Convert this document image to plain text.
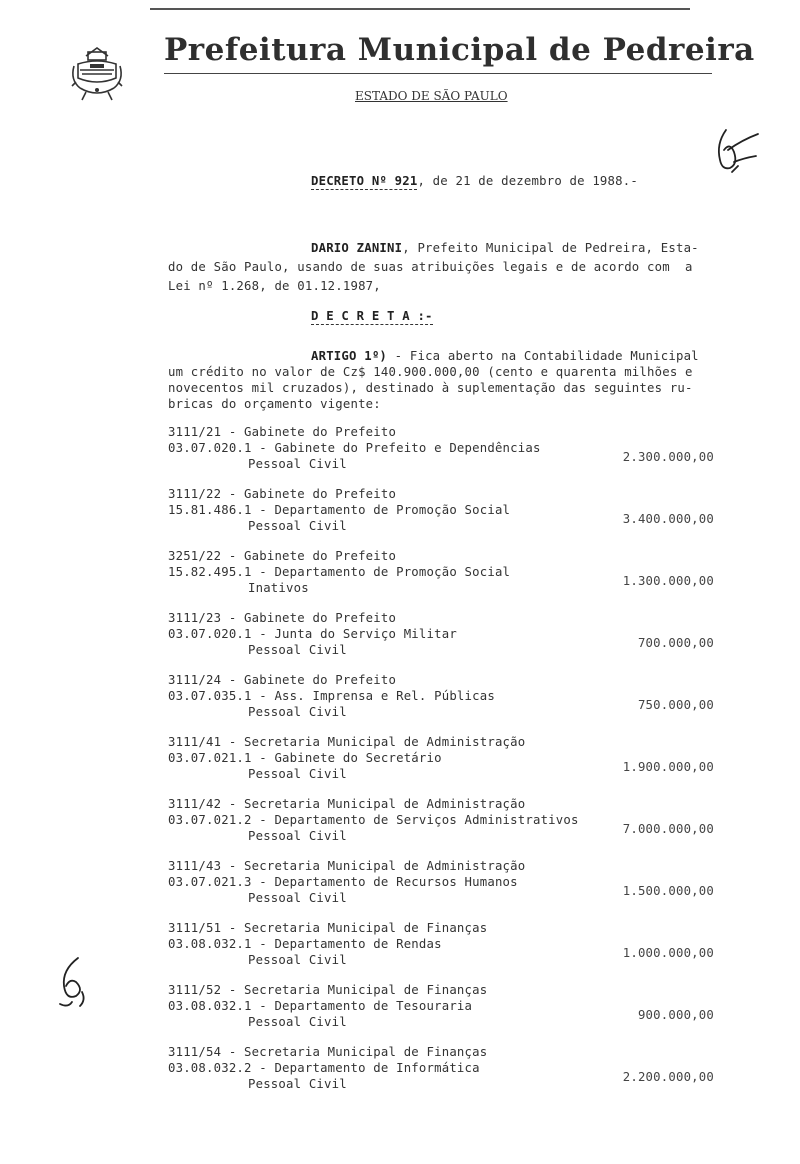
Prefeitura Municipal de Pedreira
ESTADO DE SÃO PAULO
DECRETO Nº 921, de 21 de dezembro de 1988.-
DARIO ZANINI, Prefeito Municipal de Pedreira, Esta-
do de São Paulo, usando de suas atribuições legais e de acordo com  a
Lei nº 1.268, de 01.12.1987,
D E C R E T A :-
ARTIGO 1º) - Fica aberto na Contabilidade Municipal
um crédito no valor de Cz$ 140.900.000,00 (cento e quarenta milhões e
novecentos mil cruzados), destinado à suplementação das seguintes ru-
bricas do orçamento vigente:
3111/21 - Gabinete do Prefeito
03.07.020.1 - Gabinete do Prefeito e Dependências
Pessoal Civil	2.300.000,00
3111/22 - Gabinete do Prefeito
15.81.486.1 - Departamento de Promoção Social
Pessoal Civil	3.400.000,00
3251/22 - Gabinete do Prefeito
15.82.495.1 - Departamento de Promoção Social
Inativos	1.300.000,00
3111/23 - Gabinete do Prefeito
03.07.020.1 - Junta do Serviço Militar
Pessoal Civil	700.000,00
3111/24 - Gabinete do Prefeito
03.07.035.1 - Ass. Imprensa e Rel. Públicas
Pessoal Civil	750.000,00
3111/41 - Secretaria Municipal de Administração
03.07.021.1 - Gabinete do Secretário
Pessoal Civil	1.900.000,00
3111/42 - Secretaria Municipal de Administração
03.07.021.2 - Departamento de Serviços Administrativos
Pessoal Civil	7.000.000,00
3111/43 - Secretaria Municipal de Administração
03.07.021.3 - Departamento de Recursos Humanos
Pessoal Civil	1.500.000,00
3111/51 - Secretaria Municipal de Finanças
03.08.032.1 - Departamento de Rendas
Pessoal Civil	1.000.000,00
3111/52 - Secretaria Municipal de Finanças
03.08.032.1 - Departamento de Tesouraria
Pessoal Civil	900.000,00
3111/54 - Secretaria Municipal de Finanças
03.08.032.2 - Departamento de Informática
Pessoal Civil	2.200.000,00
